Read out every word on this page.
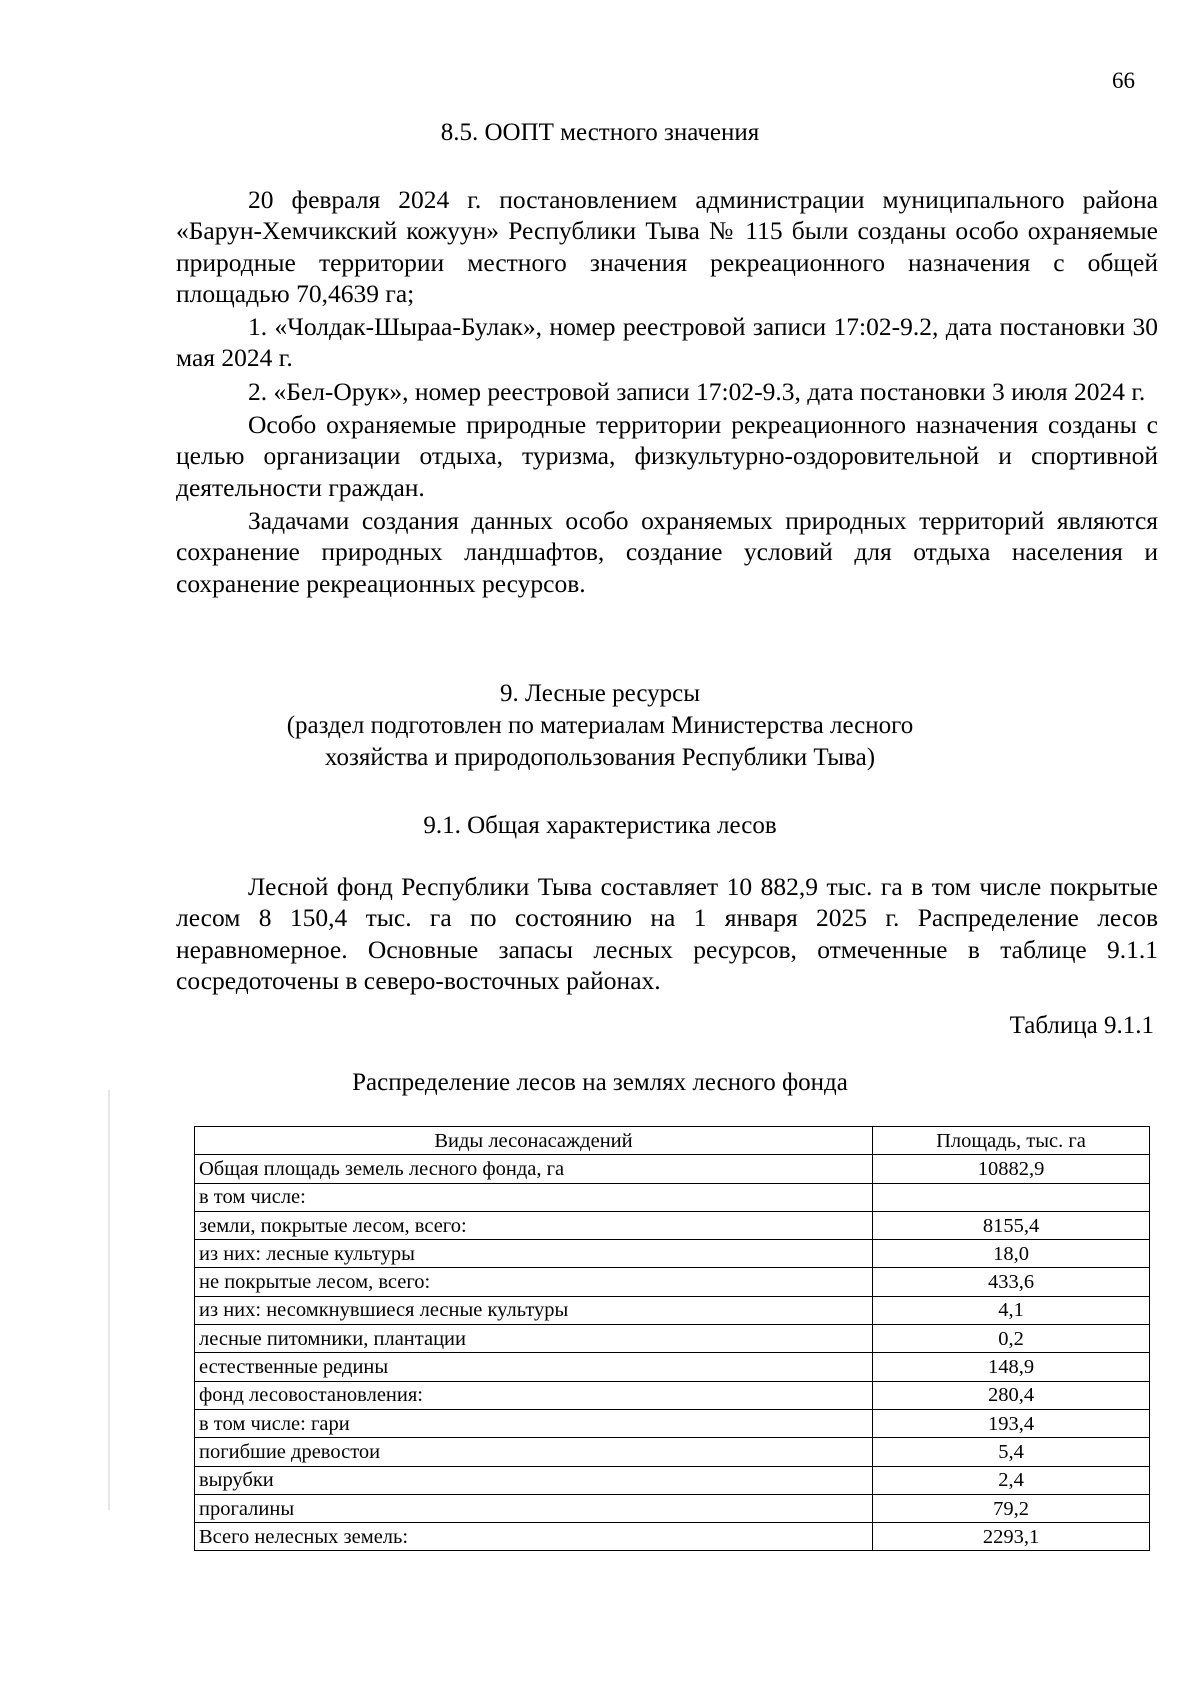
66
8.5. ООПТ местного значения

20 февраля 2024 г. постановлением администрации муниципального района «Барун-Хемчикский кожуун» Республики Тыва № 115 были созданы особо охраняемые природные территории местного значения рекреационного назначения с общей площадью 70,4639 га;

1. «Чолдак-Шыраа-Булак», номер реестровой записи 17:02-9.2, дата постановки 30 мая 2024 г.

2. «Бел-Орук», номер реестровой записи 17:02-9.3, дата постановки 3 июля 2024 г.

Особо охраняемые природные территории рекреационного назначения созданы с целью организации отдыха, туризма, физкультурно-оздоровительной и спортивной деятельности граждан.

Задачами создания данных особо охраняемых природных территорий являются сохранение природных ландшафтов, создание условий для отдыха населения и сохранение рекреационных ресурсов.

9. Лесные ресурсы
(раздел подготовлен по материалам Министерства лесного
хозяйства и природопользования Республики Тыва)
9.1. Общая характеристика лесов

Лесной фонд Республики Тыва составляет 10 882,9 тыс. га в том числе покрытые лесом 8 150,4 тыс. га по состоянию на 1 января 2025 г. Распределение лесов неравномерное. Основные запасы лесных ресурсов, отмеченные в таблице 9.1.1 сосредоточены в северо-восточных районах.

Таблица 9.1.1
Распределение лесов на землях лесного фонда
Виды лесонасаждений	Площадь, тыс. га
Общая площадь земель лесного фонда, га	10882,9
в том числе:	
земли, покрытые лесом, всего:	8155,4
из них: лесные культуры	18,0
не покрытые лесом, всего:	433,6
из них: несомкнувшиеся лесные культуры	4,1
лесные питомники, плантации	0,2
естественные редины	148,9
фонд лесовостановления:	280,4
в том числе: гари	193,4
погибшие древостои	5,4
вырубки	2,4
прогалины	79,2
Всего нелесных земель:	2293,1
